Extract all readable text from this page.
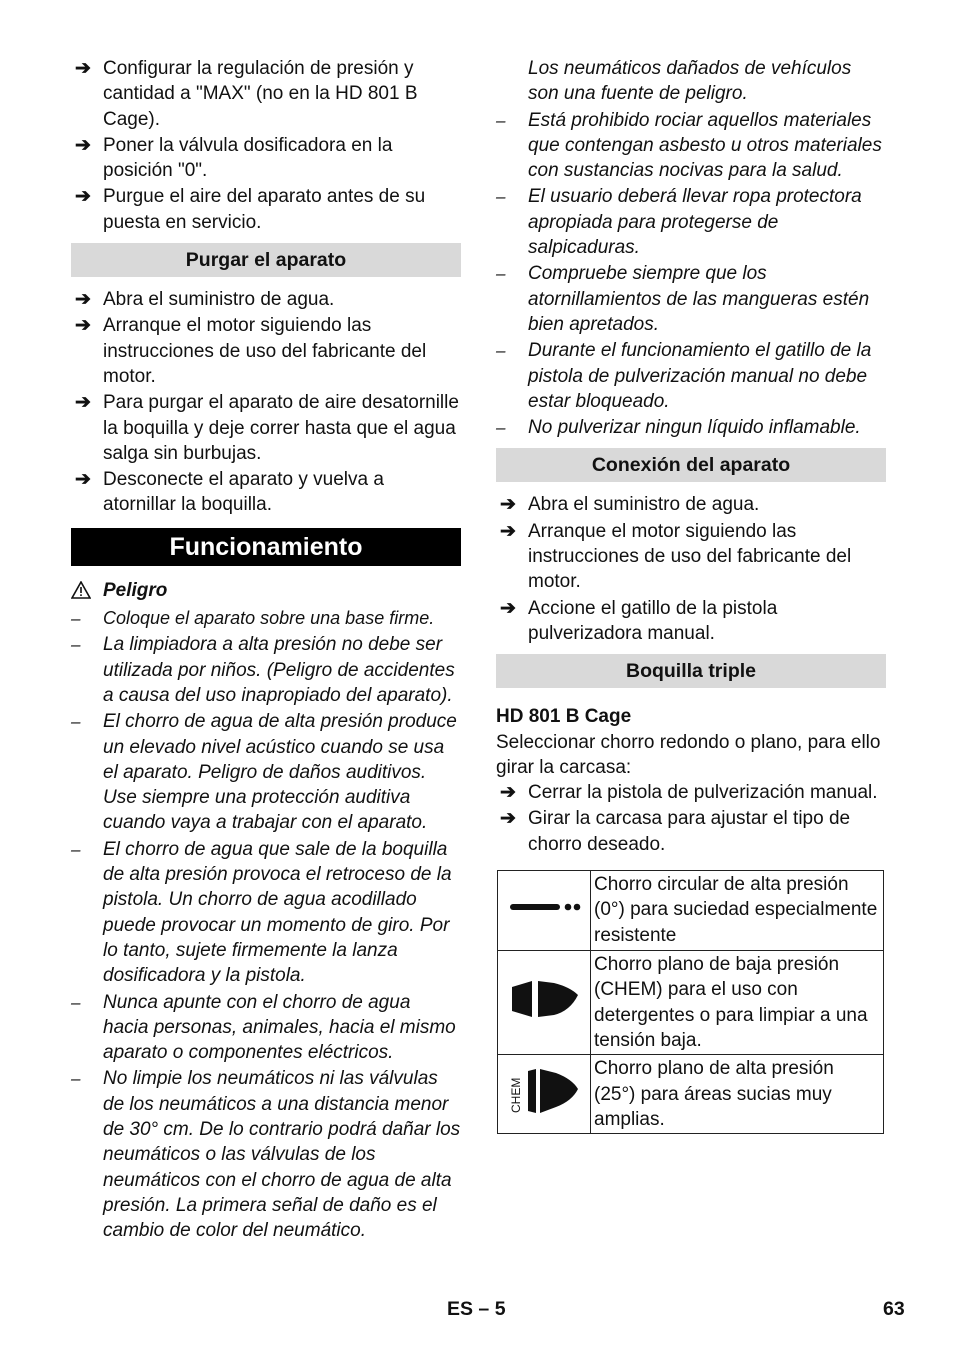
➔ Configurar la regulación de presión y cantidad a "MAX" (no en la HD 801 B Cage).
➔ Poner la válvula dosificadora en la posición "0".
➔ Purgue el aire del aparato antes de su puesta en servicio.
Purgar el aparato
➔ Abra el suministro de agua.
➔ Arranque el motor siguiendo las instrucciones de uso del fabricante del motor.
➔ Para purgar el aparato de aire desatornille la boquilla y deje correr hasta que el agua salga sin burbujas.
➔ Desconecte el aparato y vuelva a atornillar la boquilla.
Funcionamiento
Peligro
– Coloque el aparato sobre una base firme.
– La limpiadora a alta presión no debe ser utilizada por niños. (Peligro de accidentes a causa del uso inapropiado del aparato).
– El chorro de agua de alta presión produce un elevado nivel acústico cuando se usa el aparato. Peligro de daños auditivos. Use siempre una protección auditiva cuando vaya a trabajar con el aparato.
– El chorro de agua que sale de la boquilla de alta presión provoca el retroceso de la pistola. Un chorro de agua acodillado puede provocar un momento de giro. Por lo tanto, sujete firmemente la lanza dosificadora y la pistola.
– Nunca apunte con el chorro de agua hacia personas, animales, hacia el mismo aparato o componentes eléctricos.
– No limpie los neumáticos ni las válvulas de los neumáticos a una distancia menor de 30° cm. De lo contrario podrá dañar los neumáticos o las válvulas de los neumáticos con el chorro de agua de alta presión. La primera señal de daño es el cambio de color del neumático.
Los neumáticos dañados de vehículos son una fuente de peligro.
– Está prohibido rociar aquellos materiales que contengan asbesto u otros materiales con sustancias nocivas para la salud.
– El usuario deberá llevar ropa protectora apropiada para protegerse de salpicaduras.
– Compruebe siempre que los atornillamientos de las mangueras estén bien apretados.
– Durante el funcionamiento el gatillo de la pistola de pulverización manual no debe estar bloqueado.
– No pulverizar ningun líquido inflamable.
Conexión del aparato
➔ Abra el suministro de agua.
➔ Arranque el motor siguiendo las instrucciones de uso del fabricante del motor.
➔ Accione el gatillo de la pistola pulverizadora manual.
Boquilla triple
HD 801 B Cage
Seleccionar chorro redondo o plano, para ello girar la carcasa:
➔ Cerrar la pistola de pulverización manual.
➔ Girar la carcasa para ajustar el tipo de chorro deseado.
	Chorro circular de alta presión (0°) para suciedad especialmente resistente
	Chorro plano de baja presión (CHEM) para el uso con detergentes o para limpiar a una tensión baja.

CHEM	Chorro plano de alta presión (25°) para áreas sucias muy amplias.
ES – 5	63
